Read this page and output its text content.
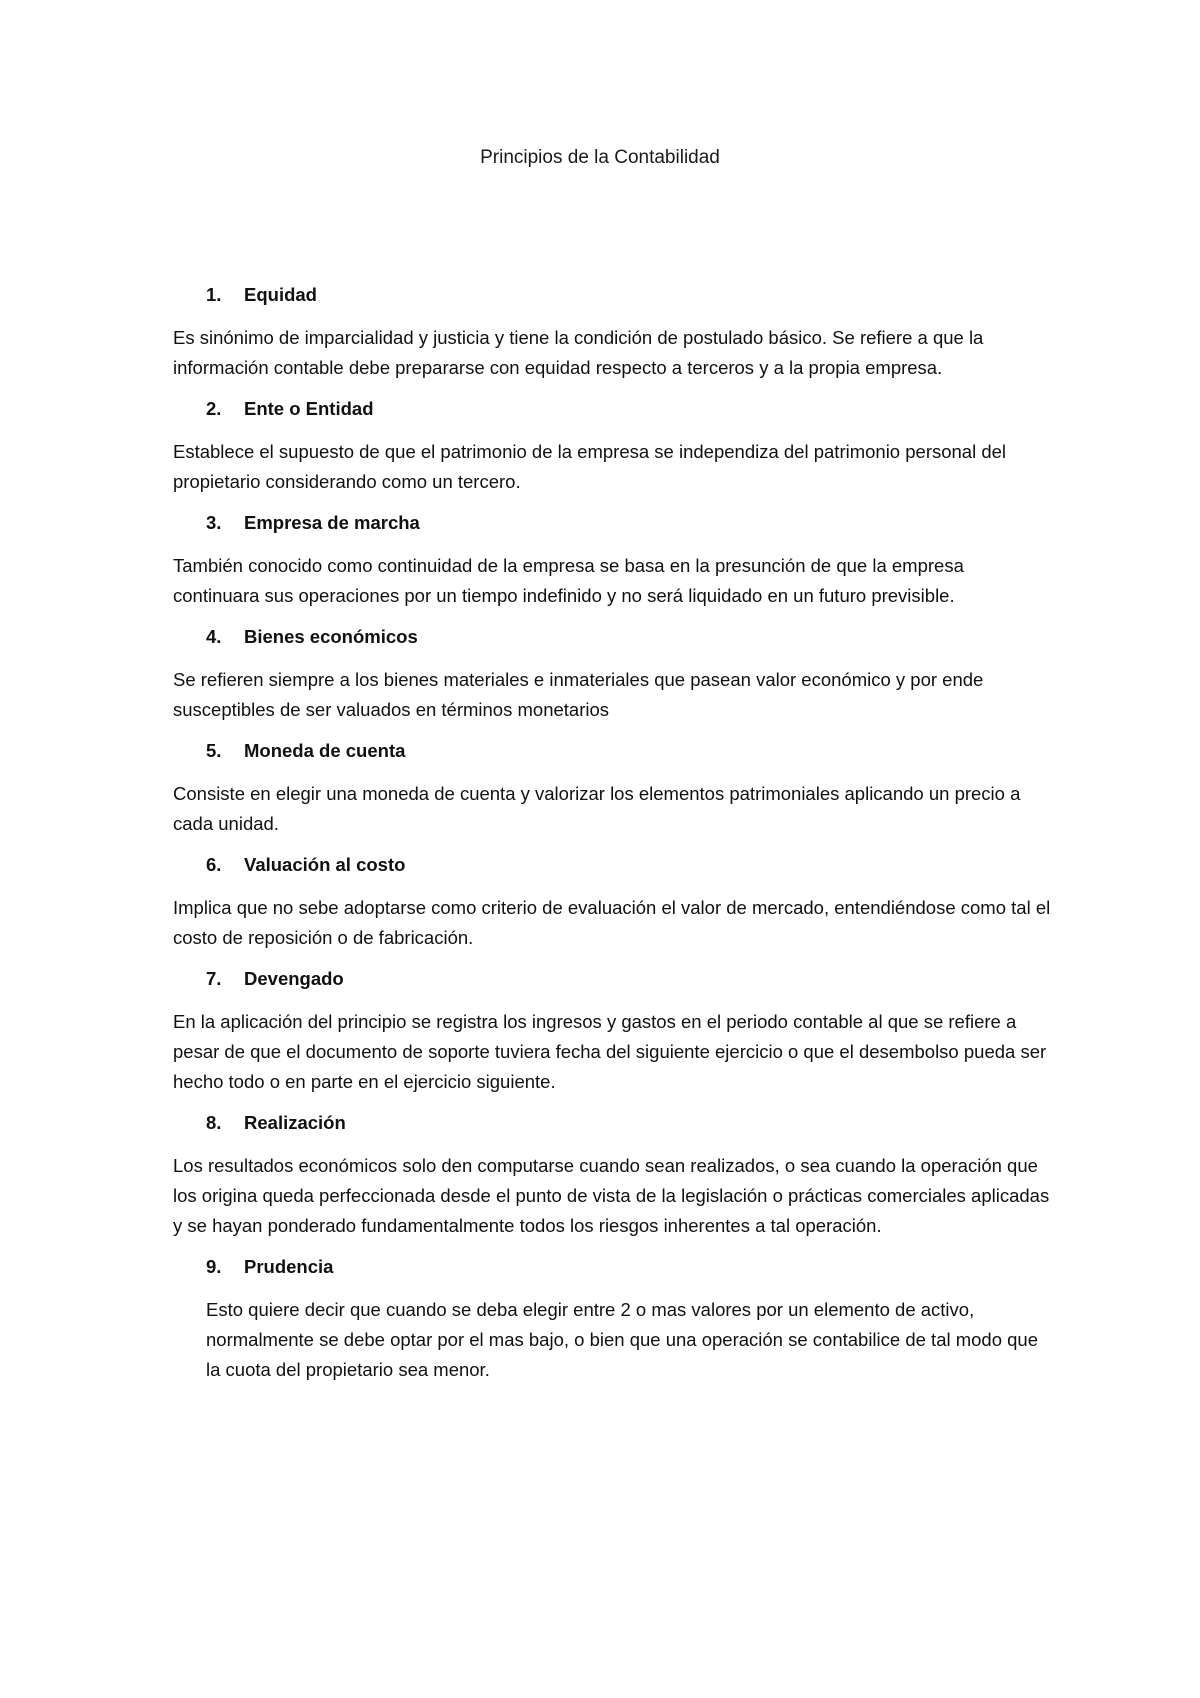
Principios de la Contabilidad
1.	Equidad

Es sinónimo de imparcialidad y justicia y tiene la condición de postulado básico. Se refiere a que la información contable debe prepararse con equidad respecto a terceros y a la propia empresa.

2.	Ente o Entidad

Establece el supuesto de que el patrimonio de la empresa se independiza del patrimonio personal del propietario considerando como un tercero.

3.	Empresa de marcha

También conocido como continuidad de la empresa se basa en la presunción de que la empresa continuara sus operaciones por un tiempo indefinido y no será liquidado en un futuro previsible.

4.	Bienes económicos

Se refieren siempre a los bienes materiales e inmateriales que pasean valor económico y por ende susceptibles de ser valuados en términos monetarios

5.	Moneda de cuenta

Consiste en elegir una moneda de cuenta y valorizar los elementos patrimoniales aplicando un precio a cada unidad.

6.	Valuación al costo

Implica que no sebe adoptarse como criterio de evaluación el valor de mercado, entendiéndose como tal el costo de reposición o de fabricación.

7.	Devengado

En la aplicación del principio se registra los ingresos y gastos en el periodo contable al que se refiere a pesar de que el documento de soporte tuviera fecha del siguiente ejercicio o que el desembolso pueda ser hecho todo o en parte en el ejercicio siguiente.

8.	Realización

Los resultados económicos solo den computarse cuando sean realizados, o sea cuando la operación que los origina queda perfeccionada desde el punto de vista de la legislación o prácticas comerciales aplicadas y se hayan ponderado fundamentalmente todos los riesgos inherentes a tal operación.

9.	Prudencia

Esto quiere decir que cuando se deba elegir entre 2 o mas valores por un elemento de activo, normalmente se debe optar por el mas bajo, o bien que una operación se contabilice de tal modo que la cuota del propietario sea menor.
